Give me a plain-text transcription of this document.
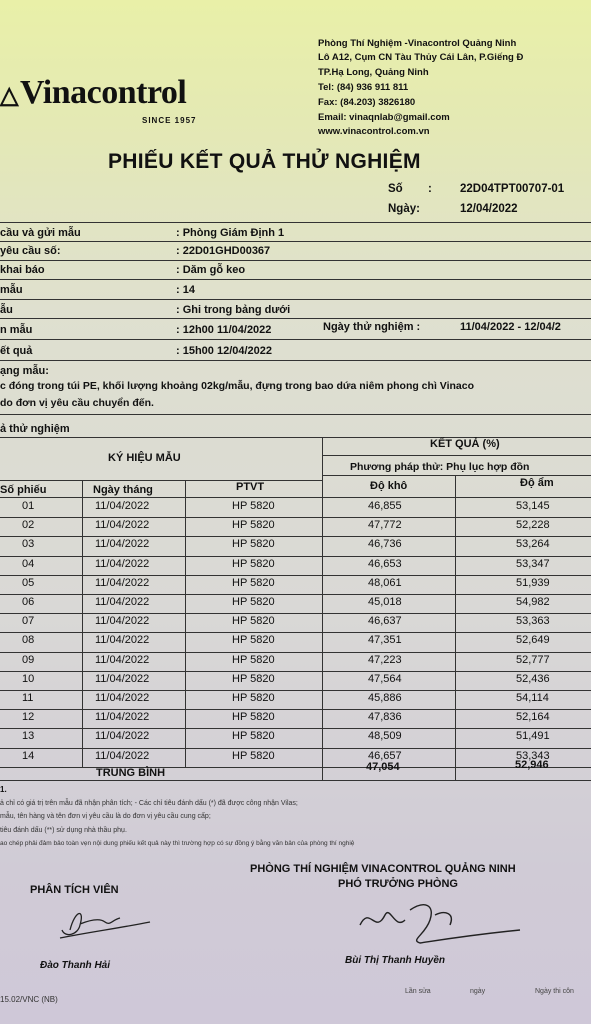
△Vinacontrol
SINCE 1957
Phòng Thí Nghiệm -Vinacontrol Quảng Ninh
Lô A12, Cụm CN Tàu Thủy Cái Lân, P.Giếng Đ
TP.Hạ Long, Quảng Ninh
Tel: (84) 936 911 811
Fax: (84.203) 3826180
Email: vinaqnlab@gmail.com
www.vinacontrol.com.vn
PHIẾU KẾT QUẢ THỬ NGHIỆM
Số : 22D04TPT00707-01
Ngày:	12/04/2022
cầu và gửi mẫu	: Phòng Giám Định 1
yêu cầu số:	: 22D01GHD00367
khai báo	: Dăm gỗ keo
mẫu	: 14
ẫu	: Ghi trong bảng dưới
n mẫu	: 12h00 11/04/2022	Ngày thử nghiệm :	11/04/2022 - 12/04/2
ết quả	: 15h00 12/04/2022
ạng mẫu:
c đóng trong túi PE, khối lượng khoảng 02kg/mẫu, đựng trong bao dứa niêm phong chì Vinaco
do đơn vị yêu cầu chuyển đến.
ả thử nghiệm
KÝ HIỆU MẪU
KẾT QUẢ (%)
Phương pháp thử: Phụ lục hợp đồn
Số phiếu	Ngày tháng	PTVT	Độ khô	Độ ẩm
01	11/04/2022	HP 5820	46,855	53,145
02	11/04/2022	HP 5820	47,772	52,228
03	11/04/2022	HP 5820	46,736	53,264
04	11/04/2022	HP 5820	46,653	53,347
05	11/04/2022	HP 5820	48,061	51,939
06	11/04/2022	HP 5820	45,018	54,982
07	11/04/2022	HP 5820	46,637	53,363
08	11/04/2022	HP 5820	47,351	52,649
09	11/04/2022	HP 5820	47,223	52,777
10	11/04/2022	HP 5820	47,564	52,436
11	11/04/2022	HP 5820	45,886	54,114
12	11/04/2022	HP 5820	47,836	52,164
13	11/04/2022	HP 5820	48,509	51,491
14	11/04/2022	HP 5820	46,657	53,343
TRUNG BÌNH	47,054	52,946
1.
ả chỉ có giá trị trên mẫu đã nhận phân tích; - Các chỉ tiêu đánh dấu (*) đã được công nhận Vilas;
mẫu, tên hàng và tên đơn vị yêu cầu là do đơn vị yêu cầu cung cấp;
tiêu đánh dấu (**) sử dụng nhà thầu phụ.
ao chép phải đảm bảo toàn vẹn nội dung phiếu kết quả này thì trường hợp có sự đồng ý bằng văn bản của phòng thí nghiệ
PHÒNG THÍ NGHIỆM VINACONTROL QUẢNG NINH
PHÂN TÍCH VIÊN	PHÓ TRƯỞNG PHÒNG
Đào Thanh Hải	Bùi Thị Thanh Huyền
15.02/VNC (NB)
Lần sửa	ngày	Ngày thi côn
